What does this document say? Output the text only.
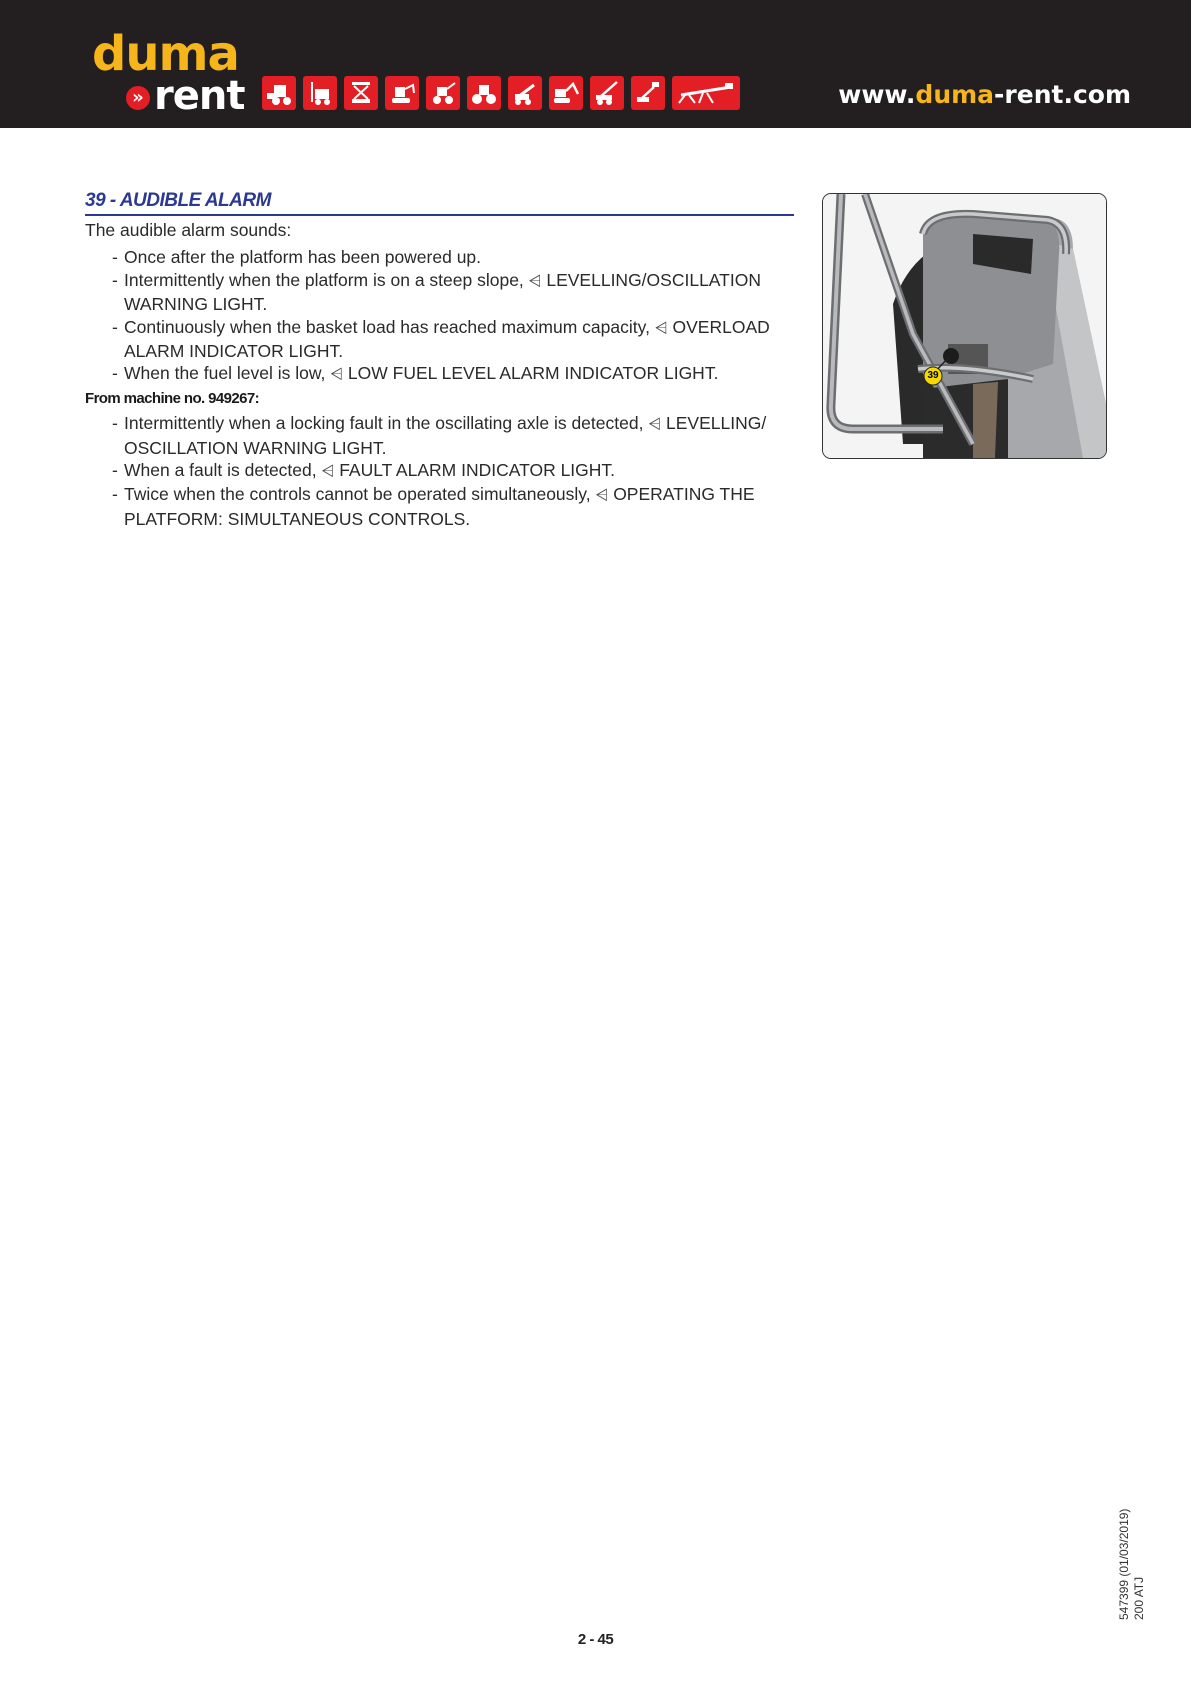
duma
» rent	www.duma-rent.com
39 - AUDIBLE ALARM

The audible alarm sounds:

- Once after the platform has been powered up.
- Intermittently when the platform is on a steep slope, ⩤ LEVELLING/OSCILLATION WARNING LIGHT.
- Continuously when the basket load has reached maximum capacity, ⩤ OVERLOAD ALARM INDICATOR LIGHT.
- When the fuel level is low, ⩤ LOW FUEL LEVEL ALARM INDICATOR LIGHT.
From machine no. 949267:
- Intermittently when a locking fault in the oscillating axle is detected, ⩤ LEVELLING/ OSCILLATION WARNING LIGHT.
- When a fault is detected, ⩤ FAULT ALARM INDICATOR LIGHT.
- Twice when the controls cannot be operated simultaneously, ⩤ OPERATING THE PLATFORM: SIMULTANEOUS CONTROLS.
39
547399 (01/03/2019) 200 ATJ
2 - 45
